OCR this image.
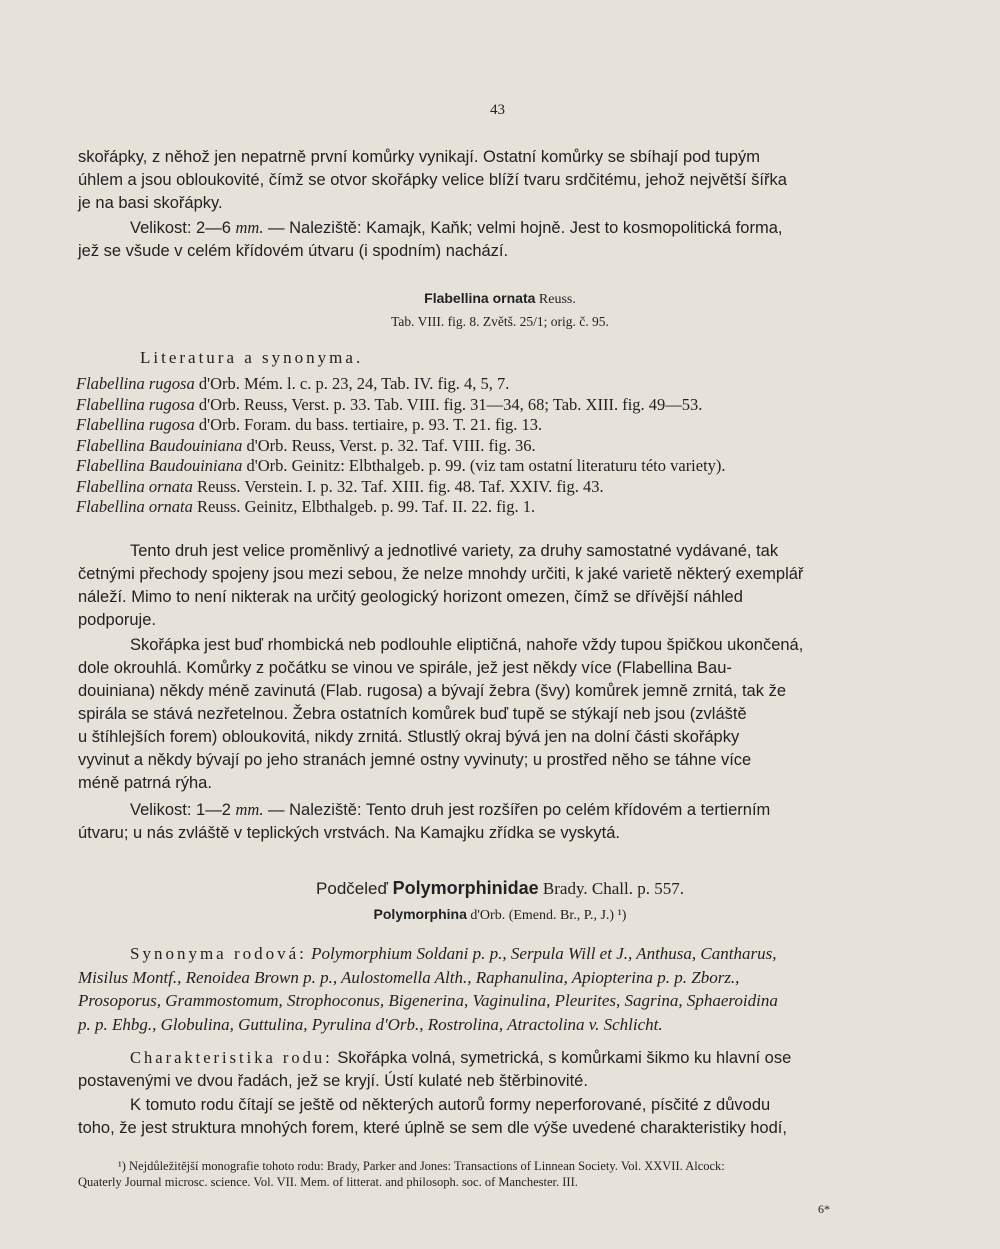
43
skořápky, z něhož jen nepatrně první komůrky vynikají. Ostatní komůrky se sbíhají pod tupým
úhlem a jsou obloukovité, čímž se otvor skořápky velice blíží tvaru srdčitému, jehož největší šířka
je na basi skořápky.
Velikost: 2—6 mm. — Naleziště: Kamajk, Kaňk; velmi hojně. Jest to kosmopolitická forma,
jež se všude v celém křídovém útvaru (i spodním) nachází.
Flabellina ornata Reuss.
Tab. VIII. fig. 8. Zvětš. 25/1; orig. č. 95.
Literatura a synonyma.
Flabellina rugosa d'Orb. Mém. l. c. p. 23, 24, Tab. IV. fig. 4, 5, 7.
Flabellina rugosa d'Orb. Reuss, Verst. p. 33. Tab. VIII. fig. 31—34, 68; Tab. XIII. fig. 49—53.
Flabellina rugosa d'Orb. Foram. du bass. tertiaire, p. 93. T. 21. fig. 13.
Flabellina Baudouiniana d'Orb. Reuss, Verst. p. 32. Taf. VIII. fig. 36.
Flabellina Baudouiniana d'Orb. Geinitz: Elbthalgeb. p. 99. (viz tam ostatní literaturu této variety).
Flabellina ornata Reuss. Verstein. I. p. 32. Taf. XIII. fig. 48. Taf. XXIV. fig. 43.
Flabellina ornata Reuss. Geinitz, Elbthalgeb. p. 99. Taf. II. 22. fig. 1.
Tento druh jest velice proměnlivý a jednotlivé variety, za druhy samostatné vydávané, tak
četnými přechody spojeny jsou mezi sebou, že nelze mnohdy určiti, k jaké varietě některý exemplář
náleží. Mimo to není nikterak na určitý geologický horizont omezen, čímž se dřívější náhled
podporuje.
Skořápka jest buď rhombická neb podlouhle eliptičná, nahoře vždy tupou špičkou ukončená,
dole okrouhlá. Komůrky z počátku se vinou ve spirále, jež jest někdy více (Flabellina Bau-
douiniana) někdy méně zavinutá (Flab. rugosa) a bývají žebra (švy) komůrek jemně zrnitá, tak že
spirála se stává nezřetelnou. Žebra ostatních komůrek buď tupě se stýkají neb jsou (zvláště
u štíhlejších forem) obloukovitá, nikdy zrnitá. Stlustlý okraj bývá jen na dolní části skořápky
vyvinut a někdy bývají po jeho stranách jemné ostny vyvinuty; u prostřed něho se táhne více
méně patrná rýha.
Velikost: 1—2 mm. — Naleziště: Tento druh jest rozšířen po celém křídovém a tertierním
útvaru; u nás zvláště v teplických vrstvách. Na Kamajku zřídka se vyskytá.
Podčeleď Polymorphinidae Brady. Chall. p. 557.
Polymorphina d'Orb. (Emend. Br., P., J.) ¹)
Synonyma rodová: Polymorphium Soldani p. p., Serpula Will et J., Anthusa, Cantharus,
Misilus Montf., Renoidea Brown p. p., Aulostomella Alth., Raphanulina, Apiopterina p. p. Zborz.,
Prosoporus, Grammostomum, Strophoconus, Bigenerina, Vaginulina, Pleurites, Sagrina, Sphaeroidina
p. p. Ehbg., Globulina, Guttulina, Pyrulina d'Orb., Rostrolina, Atractolina v. Schlicht.
Charakteristika rodu: Skořápka volná, symetrická, s komůrkami šikmo ku hlavní ose
postavenými ve dvou řadách, jež se kryjí. Ústí kulaté neb štěrbinovité.
K tomuto rodu čítají se ještě od některých autorů formy neperforované, písčité z důvodu
toho, že jest struktura mnohých forem, které úplně se sem dle výše uvedené charakteristiky hodí,
¹) Nejdůležitější monografie tohoto rodu: Brady, Parker and Jones: Transactions of Linnean Society. Vol. XXVII. Alcock:
Quaterly Journal microsc. science. Vol. VII. Mem. of litterat. and philosoph. soc. of Manchester. III.
6*
